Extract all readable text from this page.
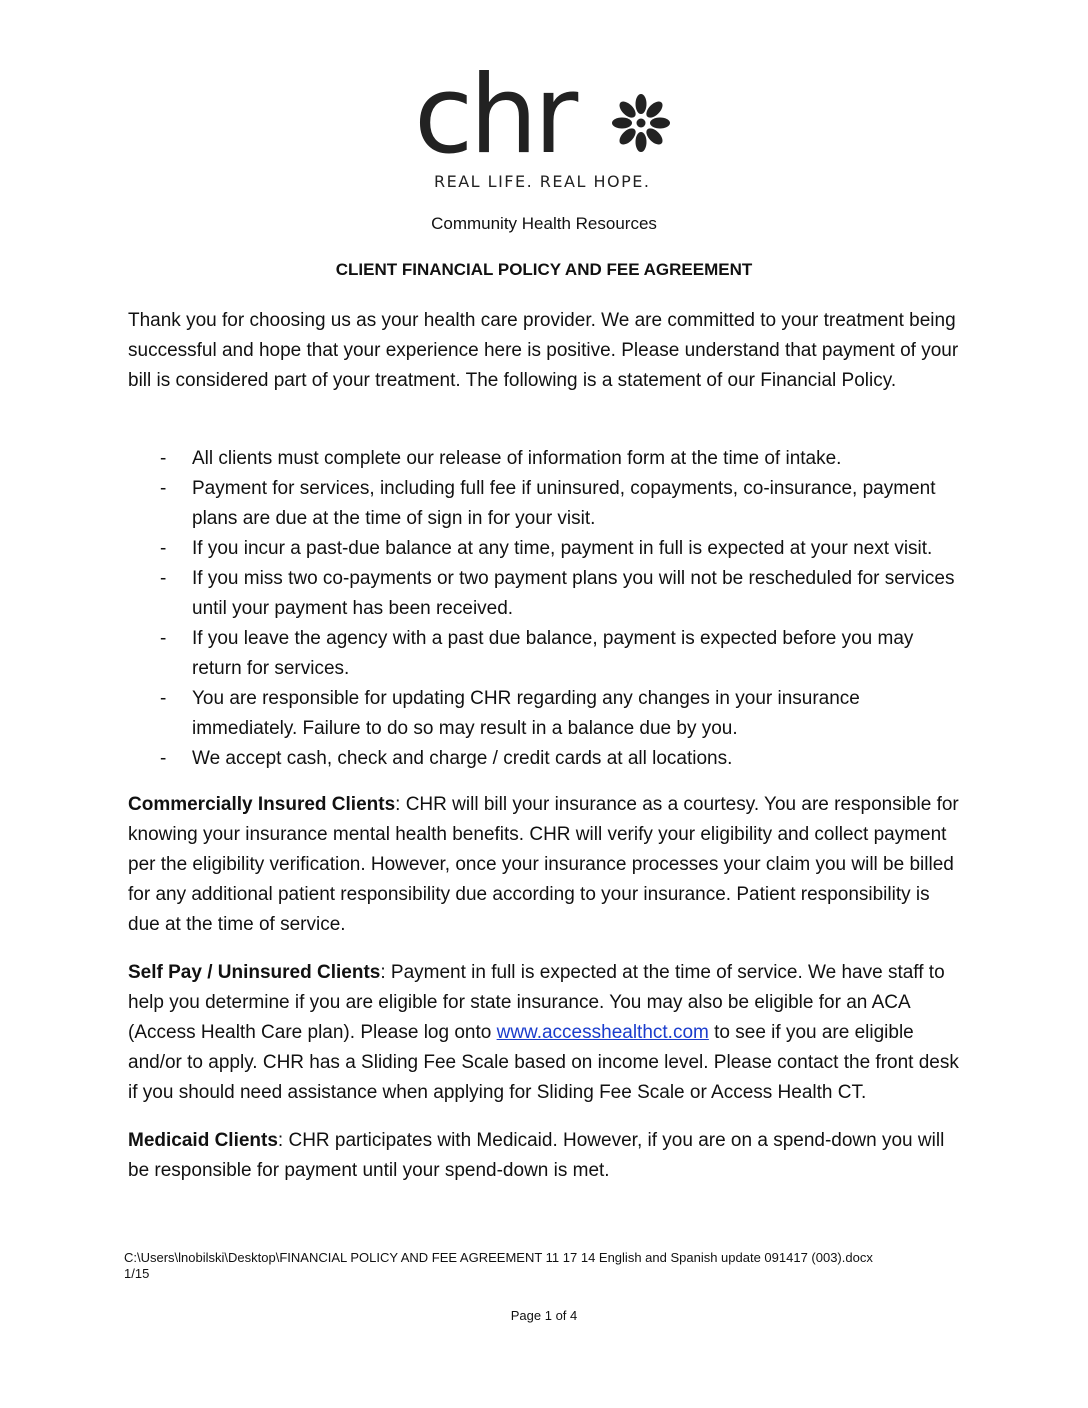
chr
REAL LIFE. REAL HOPE.
Community Health Resources
CLIENT FINANCIAL POLICY AND FEE AGREEMENT
Thank you for choosing us as your health care provider. We are committed to your treatment being successful and hope that your experience here is positive. Please understand that payment of your bill is considered part of your treatment. The following is a statement of our Financial Policy.
- All clients must complete our release of information form at the time of intake.
- Payment for services, including full fee if uninsured, copayments, co-insurance, payment plans are due at the time of sign in for your visit.
- If you incur a past-due balance at any time, payment in full is expected at your next visit.
- If you miss two co-payments or two payment plans you will not be rescheduled for services until your payment has been received.
- If you leave the agency with a past due balance, payment is expected before you may return for services.
- You are responsible for updating CHR regarding any changes in your insurance immediately. Failure to do so may result in a balance due by you.
- We accept cash, check and charge / credit cards at all locations.
Commercially Insured Clients: CHR will bill your insurance as a courtesy. You are responsible for knowing your insurance mental health benefits. CHR will verify your eligibility and collect payment per the eligibility verification. However, once your insurance processes your claim you will be billed for any additional patient responsibility due according to your insurance. Patient responsibility is due at the time of service.
Self Pay / Uninsured Clients: Payment in full is expected at the time of service. We have staff to help you determine if you are eligible for state insurance. You may also be eligible for an ACA (Access Health Care plan). Please log onto www.accesshealthct.com to see if you are eligible and/or to apply. CHR has a Sliding Fee Scale based on income level. Please contact the front desk if you should need assistance when applying for Sliding Fee Scale or Access Health CT.
Medicaid Clients: CHR participates with Medicaid. However, if you are on a spend-down you will be responsible for payment until your spend-down is met.
C:\Users\lnobilski\Desktop\FINANCIAL POLICY AND FEE AGREEMENT 11 17 14 English and Spanish update 091417 (003).docx
1/15
Page 1 of 4
